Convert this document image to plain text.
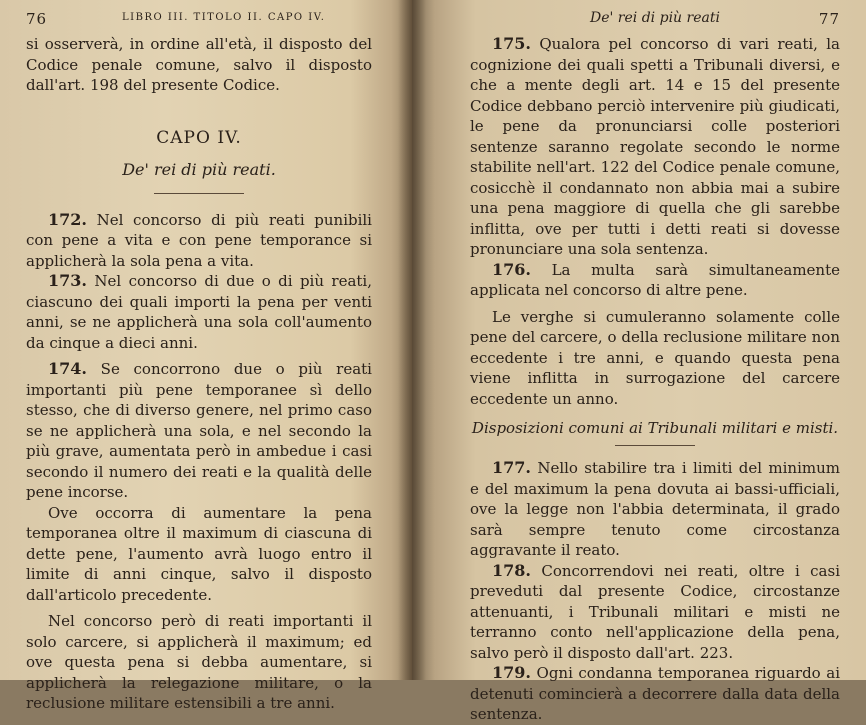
76	LIBRO III. TITOLO II. CAPO IV.

si osserverà, in ordine all'età, il disposto del Codice penale comune, salvo il disposto dall'art. 198 del presente Codice.

CAPO IV.
De' rei di più reati.

172. Nel concorso di più reati punibili con pene a vita e con pene temporance si applicherà la sola pena a vita.

173. Nel concorso di due o di più reati, ciascuno dei quali importi la pena per venti anni, se ne applicherà una sola coll'aumento da cinque a dieci anni.

174. Se concorrono due o più reati importanti più pene temporanee sì dello stesso, che di diverso genere, nel primo caso se ne applicherà una sola, e nel secondo la più grave, aumentata però in ambedue i casi secondo il numero dei reati e la qualità delle pene incorse.

Ove occorra di aumentare la pena temporanea oltre il maximum di ciascuna di dette pene, l'aumento avrà luogo entro il limite di anni cinque, salvo il disposto dall'articolo precedente.

Nel concorso però di reati importanti il solo carcere, si applicherà il maximum; ed ove questa pena si debba aumentare, si applicherà la relegazione militare, o la reclusione militare estensibili a tre anni.

De' rei di più reati	77

175. Qualora pel concorso di vari reati, la cognizione dei quali spetti a Tribunali diversi, e che a mente degli art. 14 e 15 del presente Codice debbano perciò intervenire più giudicati, le pene da pronunciarsi colle posteriori sentenze saranno regolate secondo le norme stabilite nell'art. 122 del Codice penale comune, cosicchè il condannato non abbia mai a subire una pena maggiore di quella che gli sarebbe inflitta, ove per tutti i detti reati si dovesse pronunciare una sola sentenza.

176. La multa sarà simultaneamente applicata nel concorso di altre pene.

Le verghe si cumuleranno solamente colle pene del carcere, o della reclusione militare non eccedente i tre anni, e quando questa pena viene inflitta in surrogazione del carcere eccedente un anno.

Disposizioni comuni ai Tribunali militari e misti.

177. Nello stabilire tra i limiti del minimum e del maximum la pena dovuta ai bassi-ufficiali, ove la legge non l'abbia determinata, il grado sarà sempre tenuto come circostanza aggravante il reato.

178. Concorrendovi nei reati, oltre i casi preveduti dal presente Codice, circostanze attenuanti, i Tribunali militari e misti ne terranno conto nell'applicazione della pena, salvo però il disposto dall'art. 223.

179. Ogni condanna temporanea riguardo ai detenuti comincierà a decorrere dalla data della sentenza.
